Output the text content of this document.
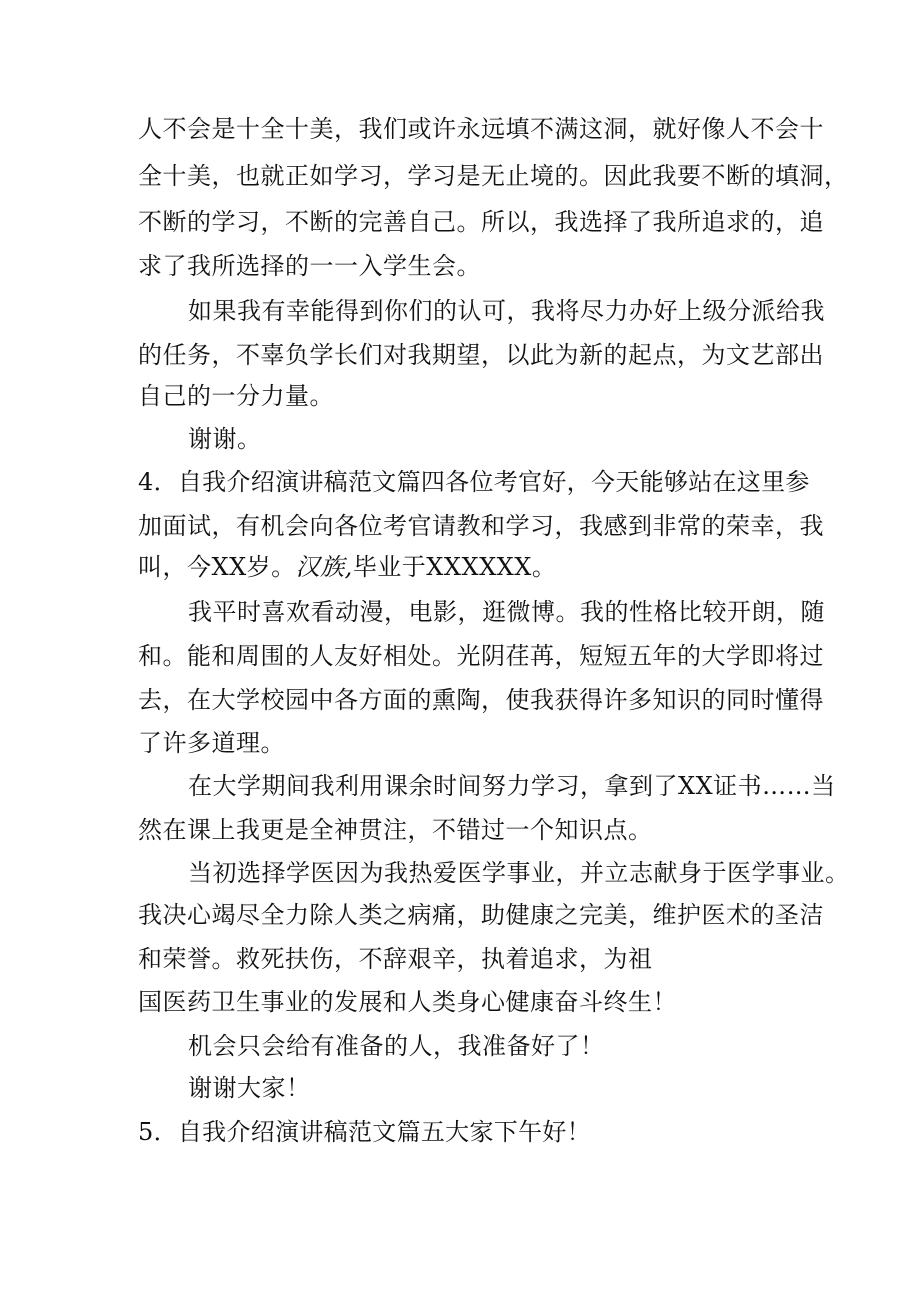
人不会是十全十美，我们或许永远填不满这洞，就好像人不会十
全十美，也就正如学习，学习是无止境的。因此我要不断的填洞，
不断的学习，不断的完善自己。所以，我选择了我所追求的，追
求了我所选择的一一入学生会。
如果我有幸能得到你们的认可，我将尽力办好上级分派给我
的任务，不辜负学长们对我期望，以此为新的起点，为文艺部出
自己的一分力量。
谢谢。
4．自我介绍演讲稿范文篇四各位考官好，今天能够站在这里参
加面试，有机会向各位考官请教和学习，我感到非常的荣幸，我
叫，今XX岁。汉族,毕业于XXXXXX。
我平时喜欢看动漫，电影，逛微博。我的性格比较开朗，随
和。能和周围的人友好相处。光阴荏苒，短短五年的大学即将过
去，在大学校园中各方面的熏陶，使我获得许多知识的同时懂得
了许多道理。
在大学期间我利用课余时间努力学习，拿到了XX证书……当
然在课上我更是全神贯注，不错过一个知识点。
当初选择学医因为我热爱医学事业，并立志献身于医学事业。
我决心竭尽全力除人类之病痛，助健康之完美，维护医术的圣洁
和荣誉。救死扶伤，不辞艰辛，执着追求，为祖
国医药卫生事业的发展和人类身心健康奋斗终生！
机会只会给有准备的人，我准备好了！
谢谢大家！
5．自我介绍演讲稿范文篇五大家下午好！
